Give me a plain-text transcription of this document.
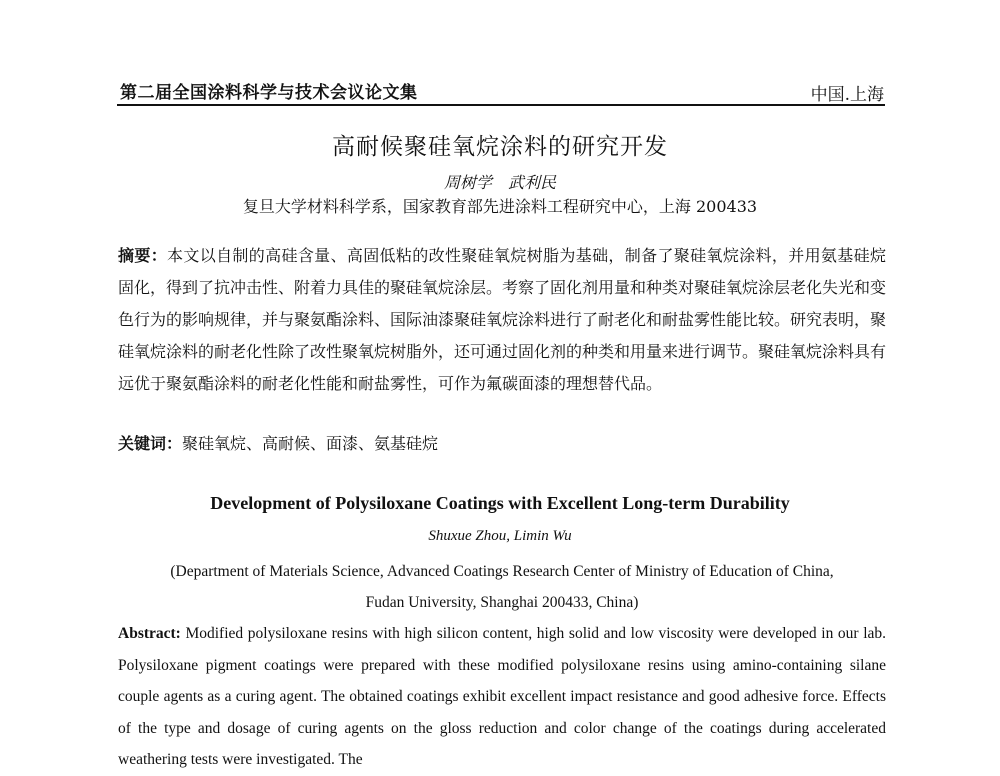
第二届全国涂料科学与技术会议论文集	中国.上海
高耐候聚硅氧烷涂料的研究开发
周树学　武利民
复旦大学材料科学系，国家教育部先进涂料工程研究中心，上海 200433
摘要：本文以自制的高硅含量、高固低粘的改性聚硅氧烷树脂为基础，制备了聚硅氧烷涂料，并用氨基硅烷固化，得到了抗冲击性、附着力具佳的聚硅氧烷涂层。考察了固化剂用量和种类对聚硅氧烷涂层老化失光和变色行为的影响规律，并与聚氨酯涂料、国际油漆聚硅氧烷涂料进行了耐老化和耐盐雾性能比较。研究表明，聚硅氧烷涂料的耐老化性除了改性聚氧烷树脂外，还可通过固化剂的种类和用量来进行调节。聚硅氧烷涂料具有远优于聚氨酯涂料的耐老化性能和耐盐雾性，可作为氟碳面漆的理想替代品。
关键词：聚硅氧烷、高耐候、面漆、氨基硅烷
Development of Polysiloxane Coatings with Excellent Long-term Durability
Shuxue Zhou, Limin Wu
(Department of Materials Science, Advanced Coatings Research Center of Ministry of Education of China,
Fudan University, Shanghai 200433, China)
Abstract: Modified polysiloxane resins with high silicon content, high solid and low viscosity were developed in our lab. Polysiloxane pigment coatings were prepared with these modified polysiloxane resins using amino-containing silane couple agents as a curing agent. The obtained coatings exhibit excellent impact resistance and good adhesive force. Effects of the type and dosage of curing agents on the gloss reduction and color change of the coatings during accelerated weathering tests were investigated. The
